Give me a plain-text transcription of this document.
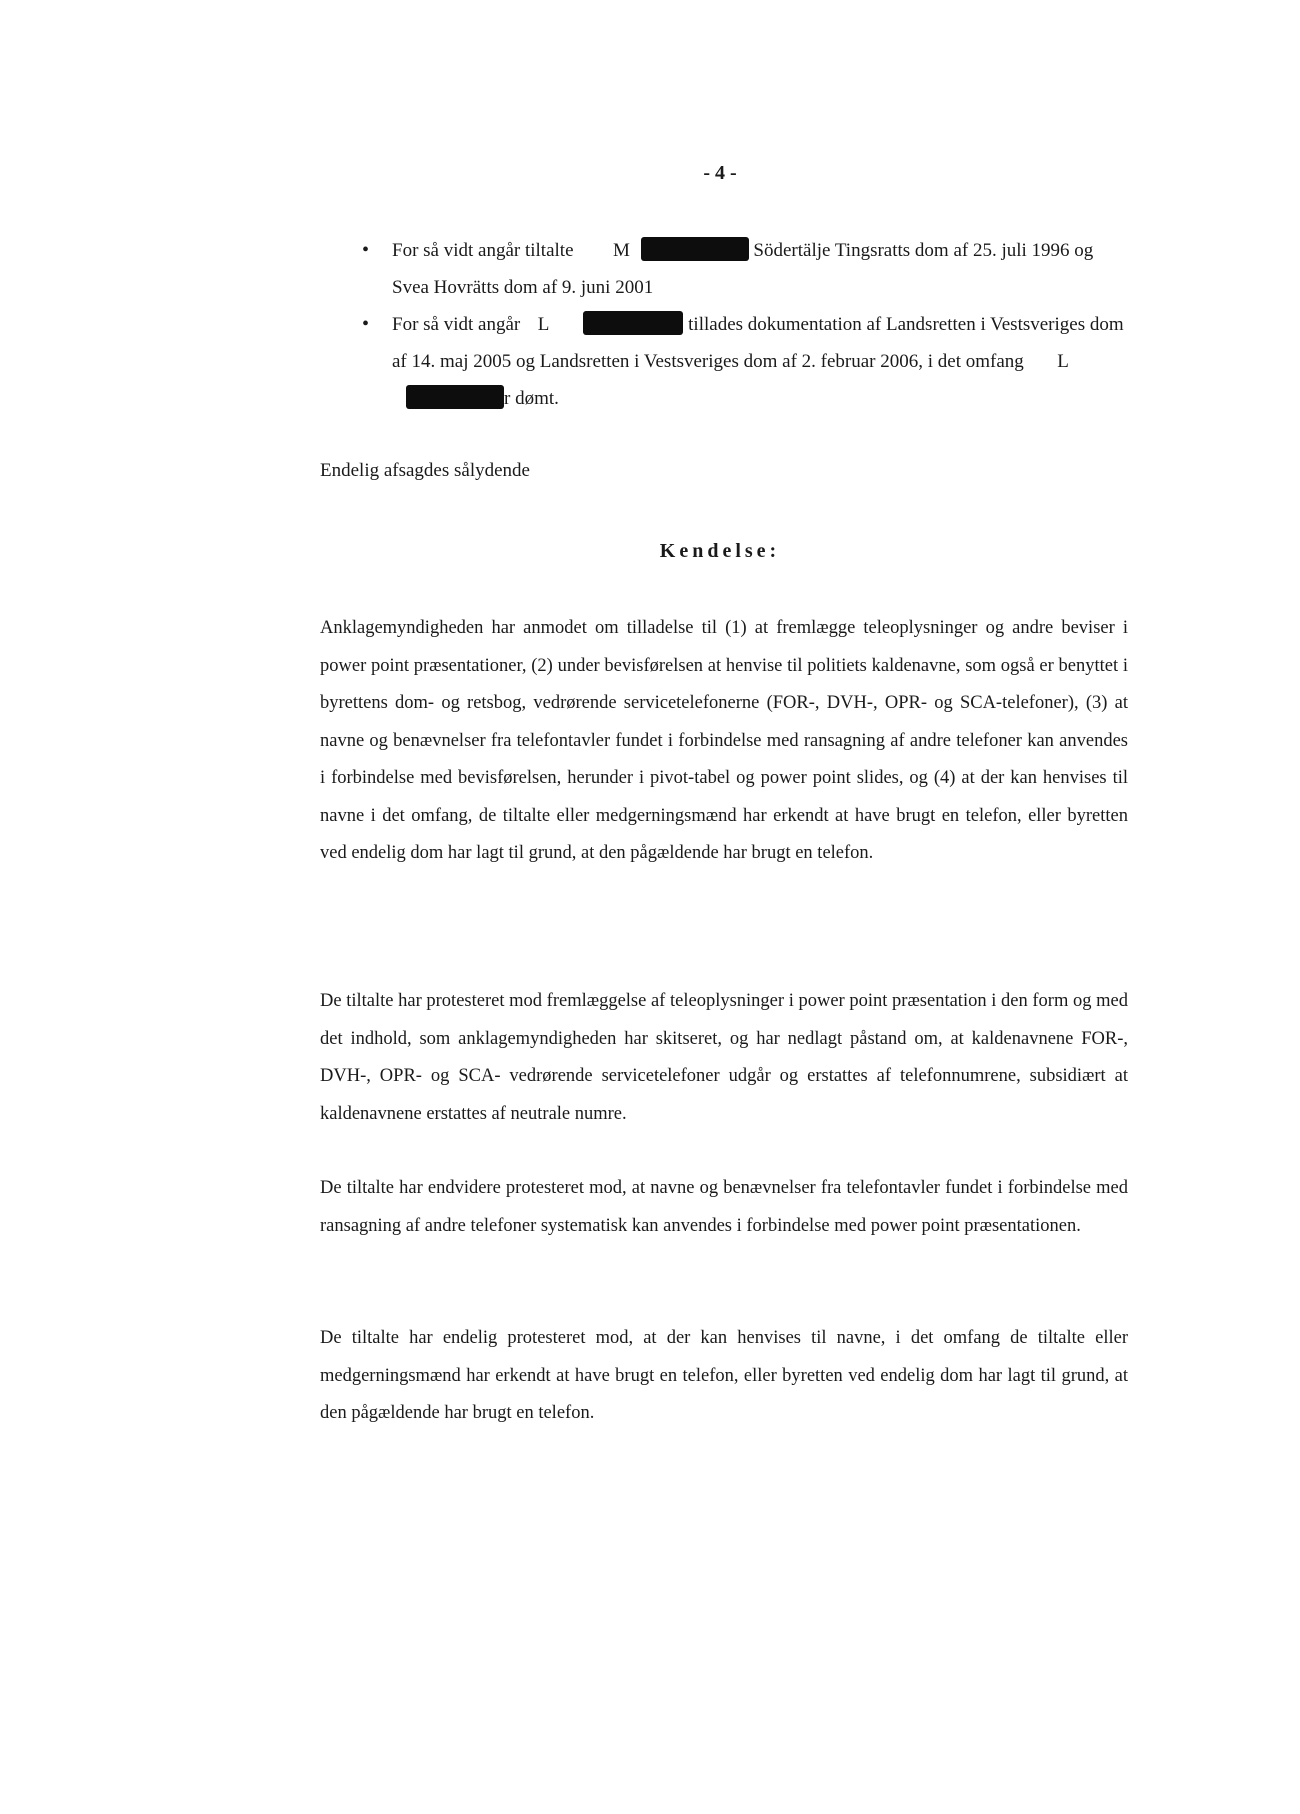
- 4 -
• For så vidt angår tiltalte M	Södertälje Tingsratts dom af 25. juli 1996 og Svea Hovrätts dom af 9. juni 2001
• For så vidt angår L	tillades dokumentation af Landsretten i Vestsveriges dom af 14. maj 2005 og Landsretten i Vestsveriges dom af 2. februar 2006, i det omfang L r dømt.
Endelig afsagdes sålydende
Kendelse:

Anklagemyndigheden har anmodet om tilladelse til (1) at fremlægge teleoplysninger og andre beviser i power point præsentationer, (2) under bevisførelsen at henvise til politiets kaldenavne, som også er benyttet i byrettens dom- og retsbog, vedrørende servicetelefonerne (FOR-, DVH-, OPR- og SCA-telefoner), (3) at navne og benævnelser fra telefontavler fundet i forbindelse med ransagning af andre telefoner kan anvendes i forbindelse med bevisførelsen, herunder i pivot-tabel og power point slides, og (4) at der kan henvises til navne i det omfang, de tiltalte eller medgerningsmænd har erkendt at have brugt en telefon, eller byretten ved endelig dom har lagt til grund, at den pågældende har brugt en telefon.

De tiltalte har protesteret mod fremlæggelse af teleoplysninger i power point præsentation i den form og med det indhold, som anklagemyndigheden har skitseret, og har nedlagt påstand om, at kaldenavnene FOR-, DVH-, OPR- og SCA- vedrørende servicetelefoner udgår og erstattes af telefonnumrene, subsidiært at kaldenavnene erstattes af neutrale numre.

De tiltalte har endvidere protesteret mod, at navne og benævnelser fra telefontavler fundet i forbindelse med ransagning af andre telefoner systematisk kan anvendes i forbindelse med power point præsentationen.

De tiltalte har endelig protesteret mod, at der kan henvises til navne, i det omfang de tiltalte eller medgerningsmænd har erkendt at have brugt en telefon, eller byretten ved endelig dom har lagt til grund, at den pågældende har brugt en telefon.
